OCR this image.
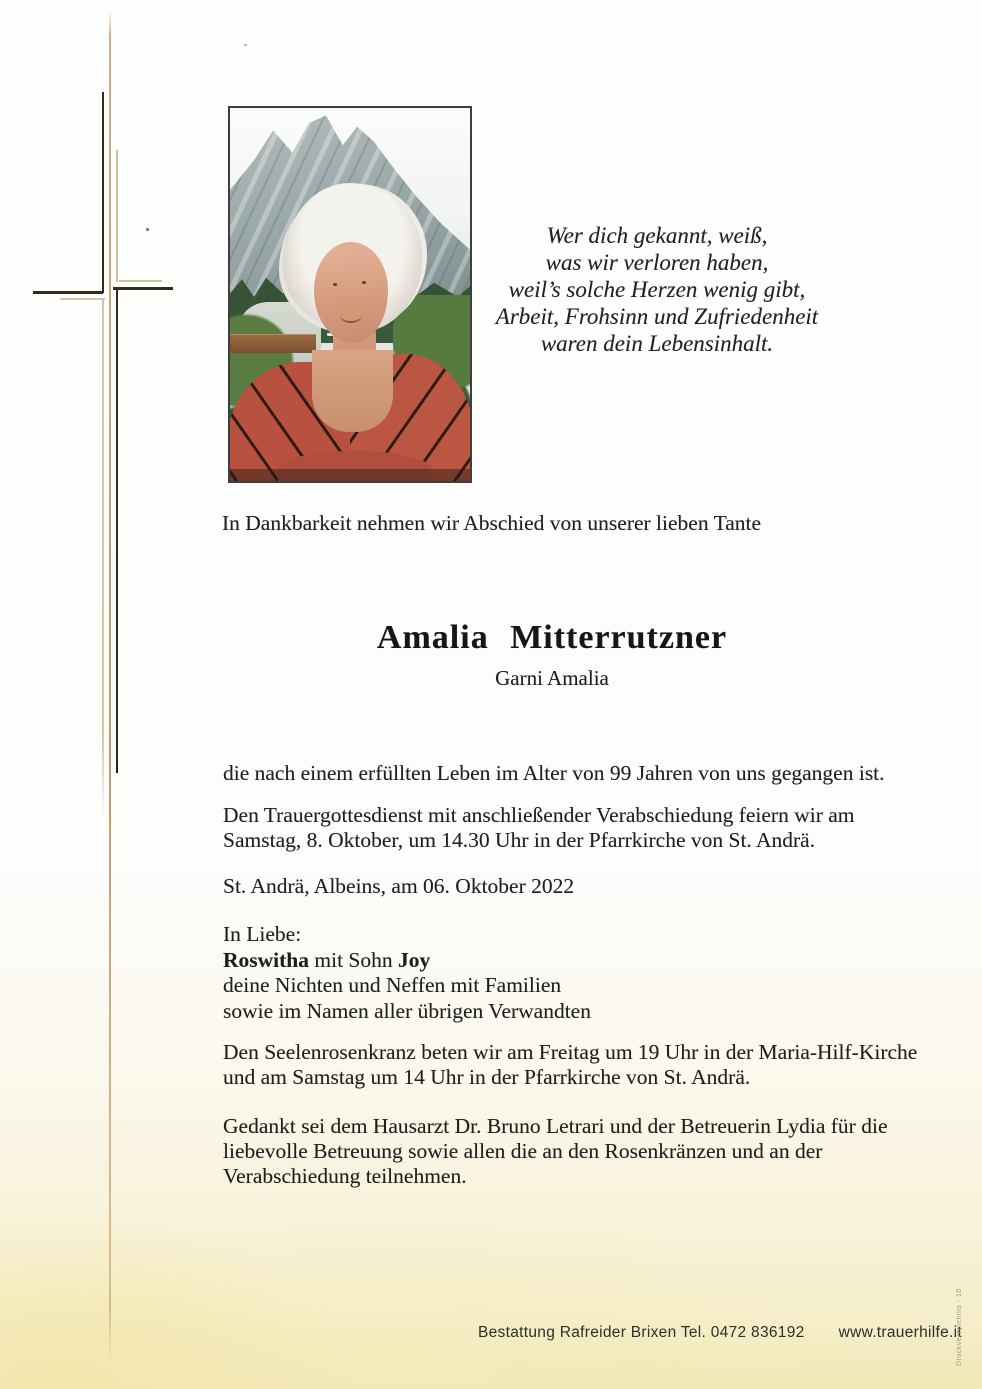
Wer dich gekannt, weiß,
was wir verloren haben,
weil’s solche Herzen wenig gibt,
Arbeit, Frohsinn und Zufriedenheit
waren dein Lebensinhalt.
In Dankbarkeit nehmen wir Abschied von unserer lieben Tante
Amalia Mitterrutzner
Garni Amalia
die nach einem erfüllten Leben im Alter von 99 Jahren von uns gegangen ist.
Den Trauergottesdienst mit anschließender Verabschiedung feiern wir am
Samstag, 8. Oktober, um 14.30 Uhr in der Pfarrkirche von St. Andrä.
St. Andrä, Albeins, am 06. Oktober 2022
In Liebe:
Roswitha mit Sohn Joy
deine Nichten und Neffen mit Familien
sowie im Namen aller übrigen Verwandten
Den Seelenrosenkranz beten wir am Freitag um 19 Uhr in der Maria-Hilf-Kirche
und am Samstag um 14 Uhr in der Pfarrkirche von St. Andrä.
Gedankt sei dem Hausarzt Dr. Bruno Letrari und der Betreuerin Lydia für die
liebevolle Betreuung sowie allen die an den Rosenkränzen und an der
Verabschiedung teilnehmen.
Bestattung Rafreider Brixen Tel. 0472 836192 www.trauerhilfe.it
Druckverzeichnis - 10
